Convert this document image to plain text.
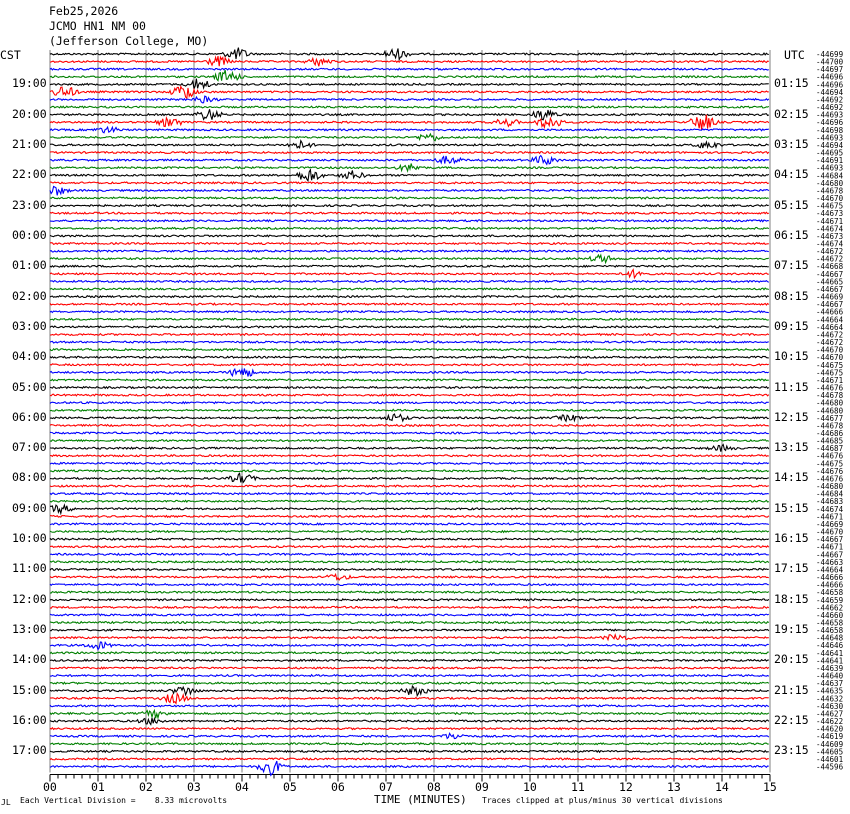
Feb25,2026
JCMO HN1 NM 00
(Jefferson College, MO)
CST	UTC -44699
-44700
-44697
-44696
-44696
-44694
-44692
-44692
-44693
-44696
-44698
-44693
-44694
-44695
-44691
-44693
-44684
-44680
-44678
-44670
-44675
-44673
-44671
-44674
-44673
-44674
-44672
-44672
-44668
-44667
-44665
-44667
-44669
-44667
-44666
-44664
-44664
-44672
-44672
-44670
-44670
-44675
-44675
-44671
-44676
-44678
-44680
-44680
-44677
-44678
-44686
-44685
-44687
-44676
-44675
-44676
-44676
-44680
-44684
-44683
-44674
-44671
-44669
-44670
-44667
-44671
-44667
-44663
-44664
-44666
-44666
-44658
-44659
-44662
-44660
-44658
-44658
-44648
-44646
-44641
-44641
-44639
-44640
-44637
-44635
-44632
-44630
-44627
-44622
-44620
-44619
-44609
-44605
-44601
-44596
19:00
20:00
21:00
22:00
23:00
00:00
01:00
02:00
03:00
04:00
05:00
06:00
07:00
08:00
09:00
10:00
11:00
12:00
13:00
14:00
15:00
16:00
17:00
01:15
02:15
03:15
04:15
05:15
06:15
07:15
08:15
09:15
10:15
11:15
12:15
13:15
14:15
15:15
16:15
17:15
18:15
19:15
20:15
21:15
22:15
23:15
00	01	02	03	04	05	06	07	08	09	10	11	12	13	14	15
JL Each Vertical Division =    8.33 microvolts	TIME (MINUTES) Traces clipped at plus/minus 30 vertical divisions
